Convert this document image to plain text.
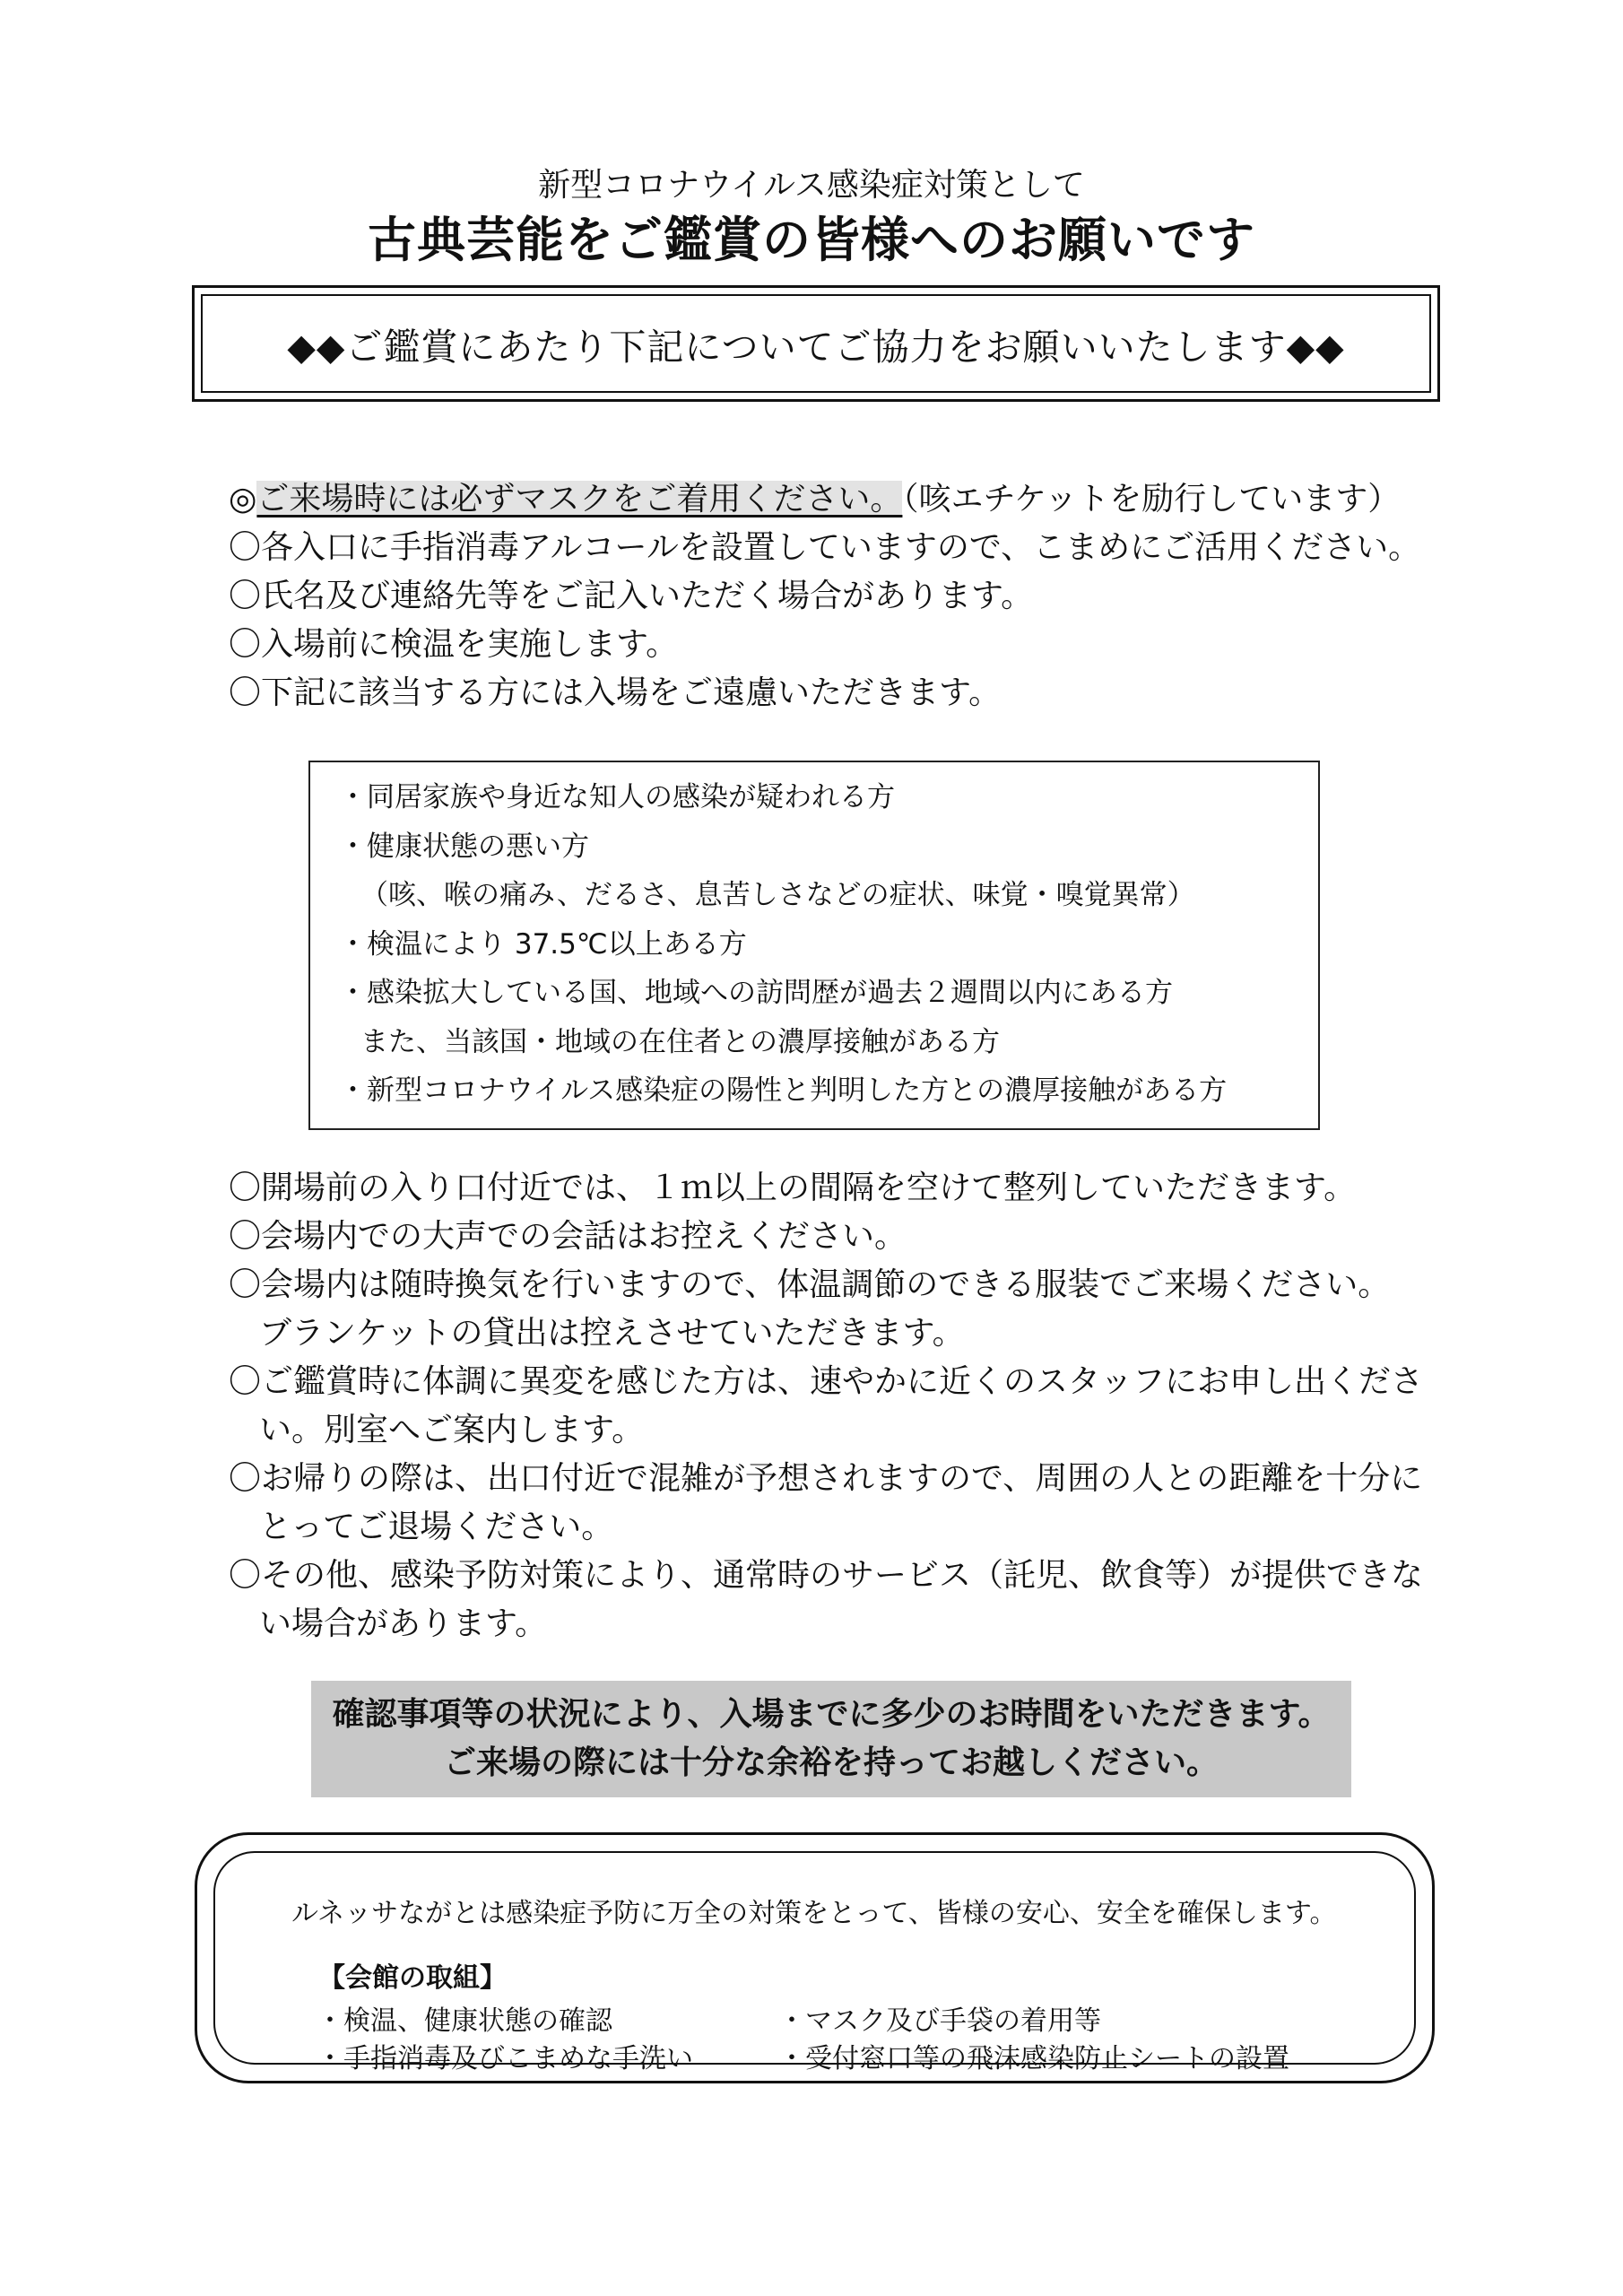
新型コロナウイルス感染症対策として
古典芸能をご鑑賞の皆様へのお願いです
◆◆ご鑑賞にあたり下記についてご協力をお願いいたします◆◆
◎ご来場時には必ずマスクをご着用ください。（咳エチケットを励行しています）
〇各入口に手指消毒アルコールを設置していますので、こまめにご活用ください。
〇氏名及び連絡先等をご記入いただく場合があります。
〇入場前に検温を実施します。
〇下記に該当する方には入場をご遠慮いただきます。
・同居家族や身近な知人の感染が疑われる方
・健康状態の悪い方
（咳、喉の痛み、だるさ、息苦しさなどの症状、味覚・嗅覚異常）
・検温により 37.5℃以上ある方
・感染拡大している国、地域への訪問歴が過去２週間以内にある方
また、当該国・地域の在住者との濃厚接触がある方
・新型コロナウイルス感染症の陽性と判明した方との濃厚接触がある方
〇開場前の入り口付近では、１ｍ以上の間隔を空けて整列していただきます。
〇会場内での大声での会話はお控えください。
〇会場内は随時換気を行いますので、体温調節のできる服装でご来場ください。
ブランケットの貸出は控えさせていただきます。
〇ご鑑賞時に体調に異変を感じた方は、速やかに近くのスタッフにお申し出くださ
い。別室へご案内します。
〇お帰りの際は、出口付近で混雑が予想されますので、周囲の人との距離を十分に
とってご退場ください。
〇その他、感染予防対策により、通常時のサービス（託児、飲食等）が提供できな
い場合があります。
確認事項等の状況により、入場までに多少のお時間をいただきます。
ご来場の際には十分な余裕を持ってお越しください。
ルネッサながとは感染症予防に万全の対策をとって、皆様の安心、安全を確保します。
【会館の取組】
・検温、健康状態の確認	・マスク及び手袋の着用等
・手指消毒及びこまめな手洗い	・受付窓口等の飛沫感染防止シートの設置
